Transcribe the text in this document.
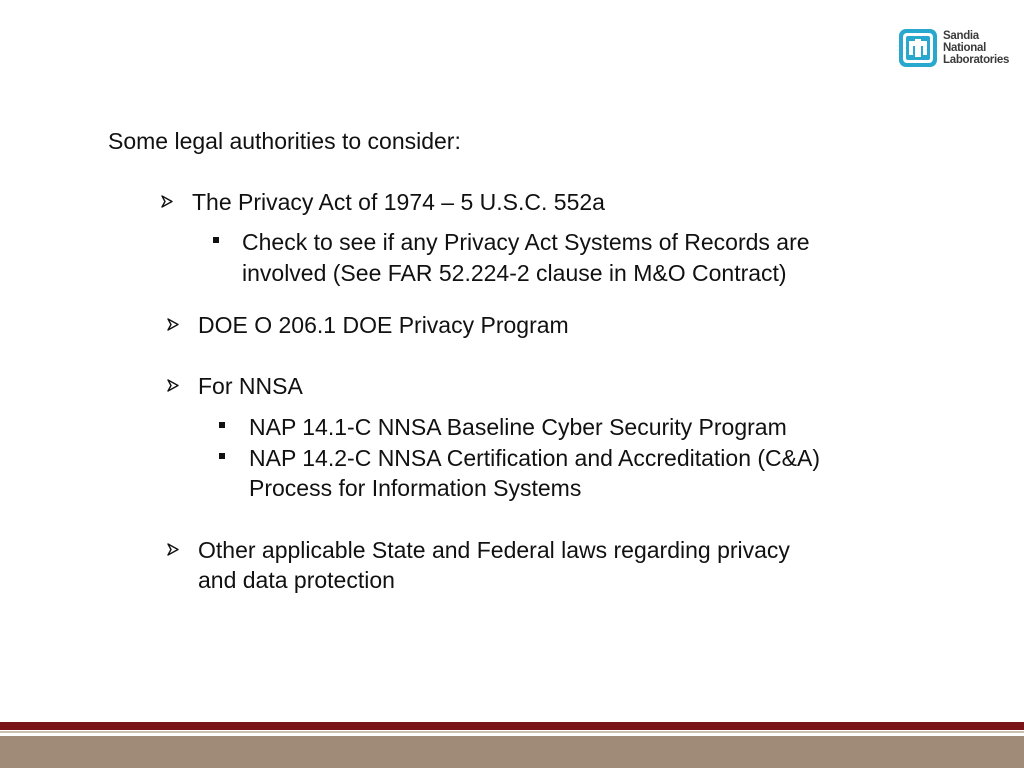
Sandia
National
Laboratories
Some legal authorities to consider:
The Privacy Act of 1974 – 5 U.S.C. 552a
Check to see if any Privacy Act Systems of Records are
involved (See FAR 52.224-2 clause in M&O Contract)
DOE O 206.1 DOE Privacy Program
For NNSA
NAP 14.1-C NNSA Baseline Cyber Security Program
NAP 14.2-C NNSA Certification and Accreditation (C&A)
Process for Information Systems
Other applicable State and Federal laws regarding privacy
and data protection
